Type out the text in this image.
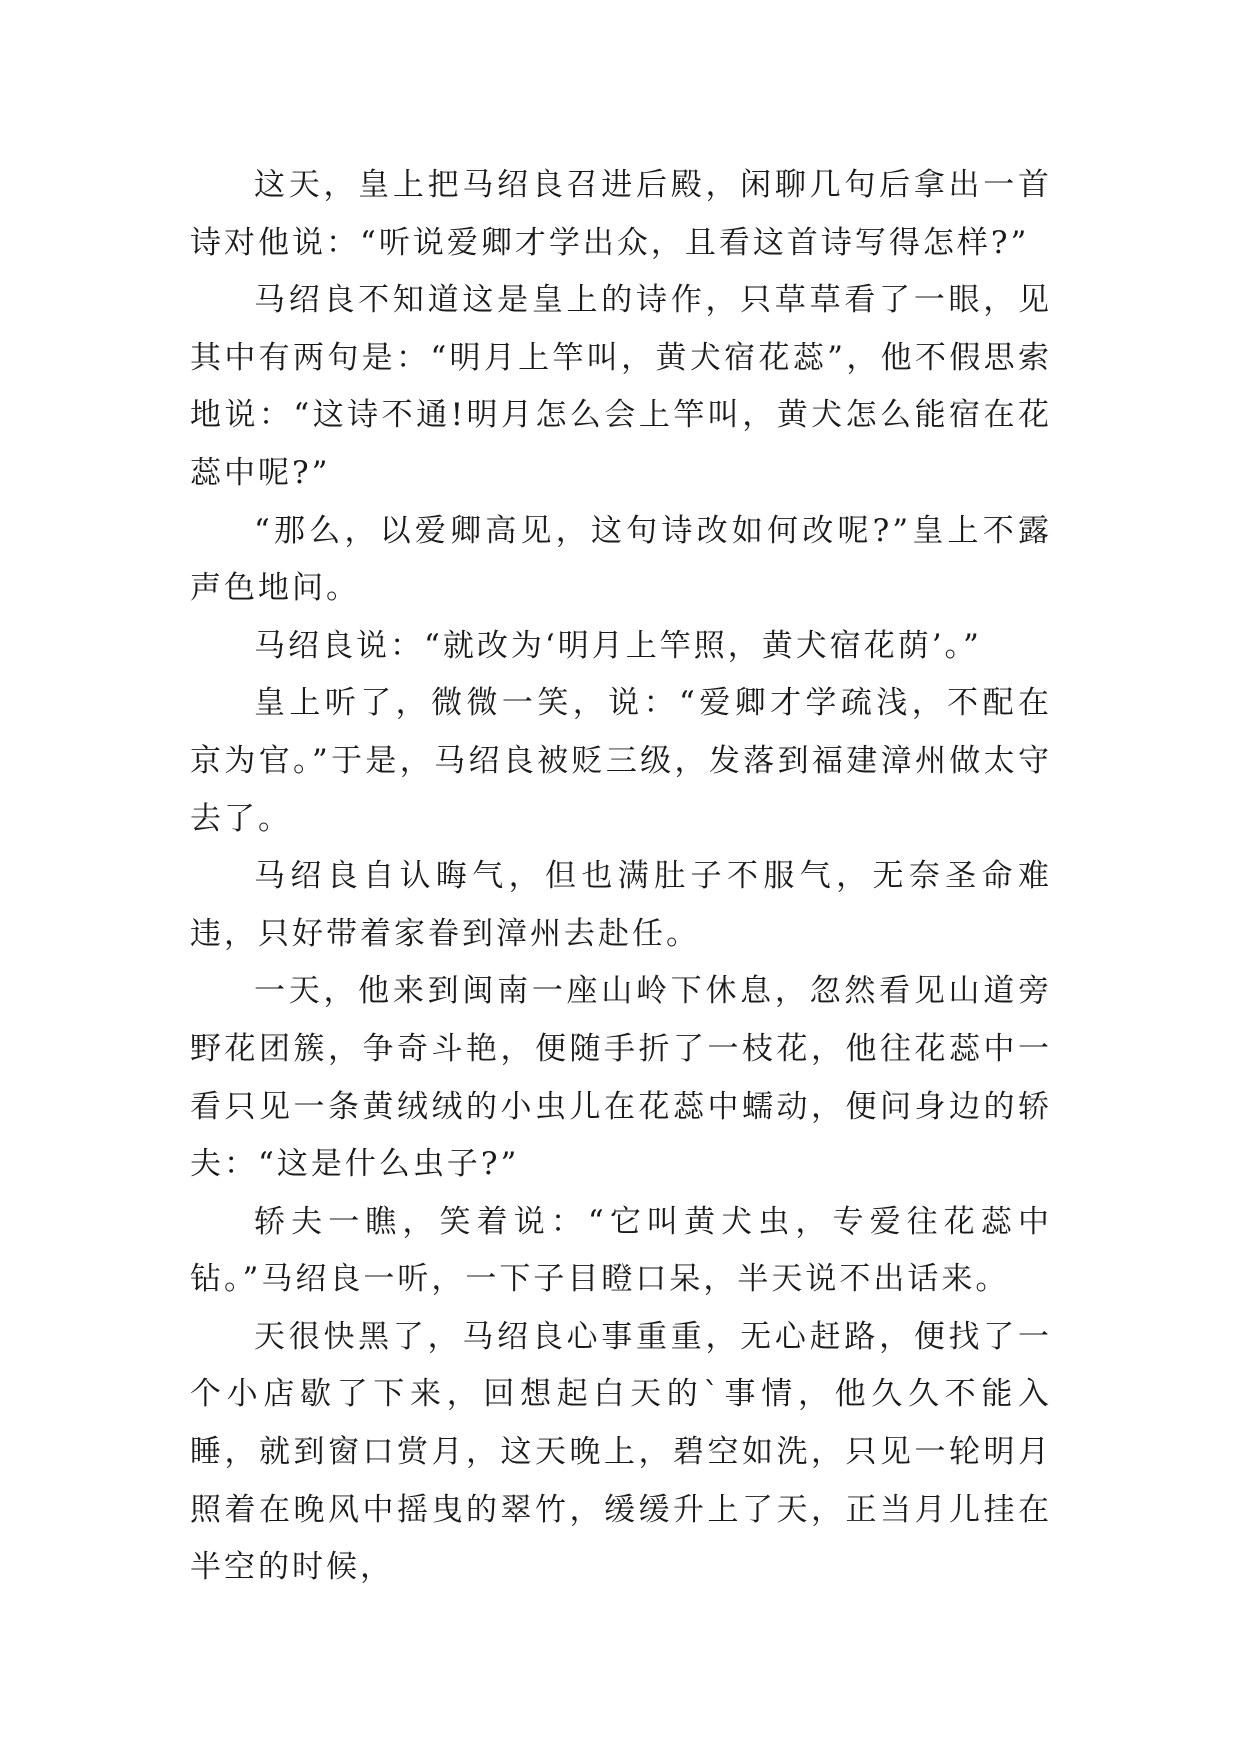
这天，皇上把马绍良召进后殿，闲聊几句后拿出一首诗对他说：“听说爱卿才学出众，且看这首诗写得怎样?”

马绍良不知道这是皇上的诗作，只草草看了一眼，见其中有两句是：“明月上竿叫，黄犬宿花蕊”，他不假思索地说：“这诗不通!明月怎么会上竿叫，黄犬怎么能宿在花蕊中呢?”

“那么，以爱卿高见，这句诗改如何改呢?”皇上不露声色地问。

马绍良说：“就改为‘明月上竿照，黄犬宿花荫’。”

皇上听了，微微一笑，说：“爱卿才学疏浅，不配在京为官。”于是，马绍良被贬三级，发落到福建漳州做太守去了。

马绍良自认晦气，但也满肚子不服气，无奈圣命难违，只好带着家眷到漳州去赴任。

一天，他来到闽南一座山岭下休息，忽然看见山道旁野花团簇，争奇斗艳，便随手折了一枝花，他往花蕊中一看只见一条黄绒绒的小虫儿在花蕊中蠕动，便问身边的轿夫：“这是什么虫子?”

轿夫一瞧，笑着说：“它叫黄犬虫，专爱往花蕊中钻。”马绍良一听，一下子目瞪口呆，半天说不出话来。

天很快黑了，马绍良心事重重，无心赶路，便找了一个小店歇了下来，回想起白天的`事情，他久久不能入睡，就到窗口赏月，这天晚上，碧空如洗，只见一轮明月照着在晚风中摇曳的翠竹，缓缓升上了天，正当月儿挂在半空的时候，
